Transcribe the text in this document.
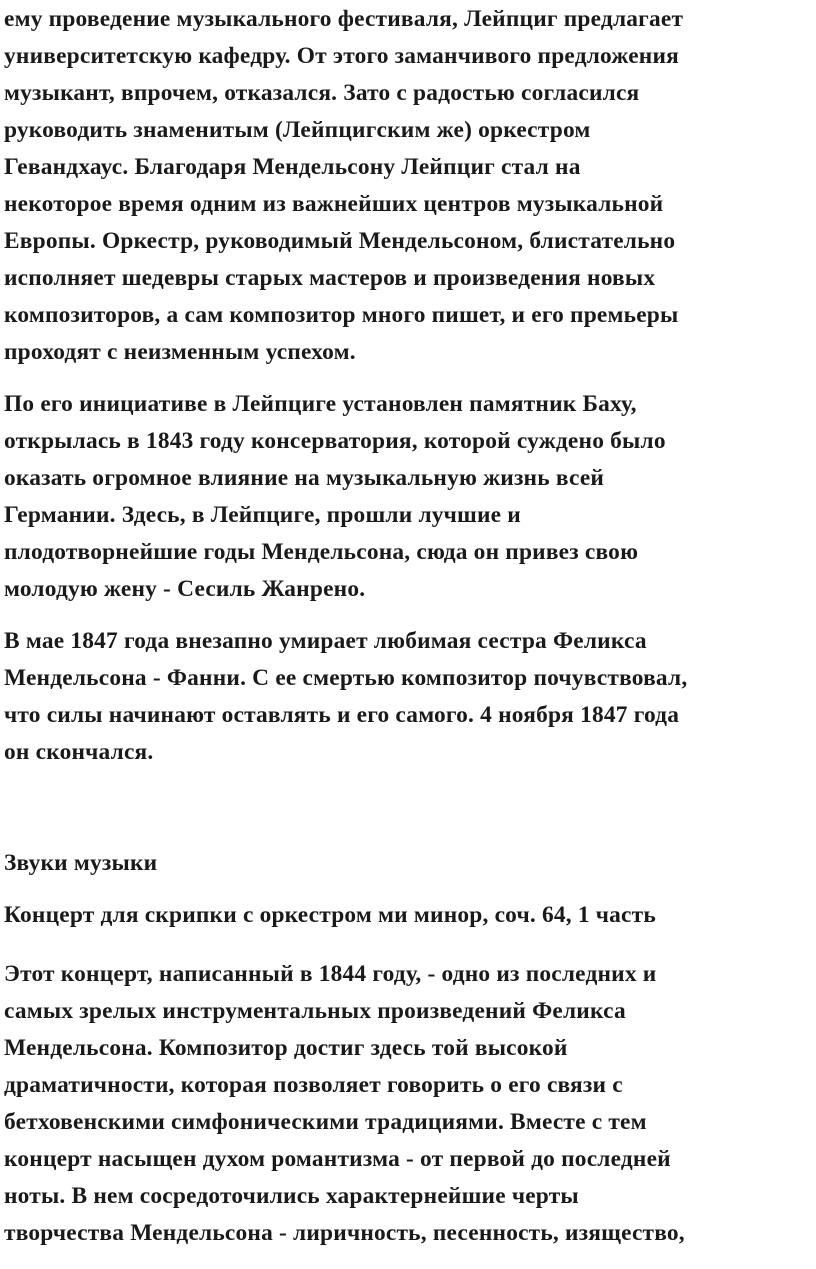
ему проведение музыкального фестиваля, Лейпциг предлагает
университетскую кафедру. От этого заманчивого предложения
музыкант, впрочем, отказался. Зато с радостью согласился
руководить знаменитым (Лейпцигским же) оркестром
Гевандхаус. Благодаря Мендельсону Лейпциг стал на
некоторое время одним из важнейших центров музыкальной
Европы. Оркестр, руководимый Мендельсоном, блистательно
исполняет шедевры старых мастеров и произведения новых
композиторов, а сам композитор много пишет, и его премьеры
проходят с неизменным успехом.
По его инициативе в Лейпциге установлен памятник Баху,
открылась в 1843 году консерватория, которой суждено было
оказать огромное влияние на музыкальную жизнь всей
Германии. Здесь, в Лейпциге, прошли лучшие и
плодотворнейшие годы Мендельсона, сюда он привез свою
молодую жену - Сесиль Жанрено.
В мае 1847 года внезапно умирает любимая сестра Феликса
Мендельсона - Фанни. С ее смертью композитор почувствовал,
что силы начинают оставлять и его самого. 4 ноября 1847 года
он скончался.
Звуки музыки
Концерт для скрипки с оркестром ми минор, соч. 64, 1 часть
Этот концерт, написанный в 1844 году, - одно из последних и
самых зрелых инструментальных произведений Феликса
Мендельсона. Композитор достиг здесь той высокой
драматичности, которая позволяет говорить о его связи с
бетховенскими симфоническими традициями. Вместе с тем
концерт насыщен духом романтизма - от первой до последней
ноты. В нем сосредоточились характернейшие черты
творчества Мендельсона - лиричность, песенность, изящество,
